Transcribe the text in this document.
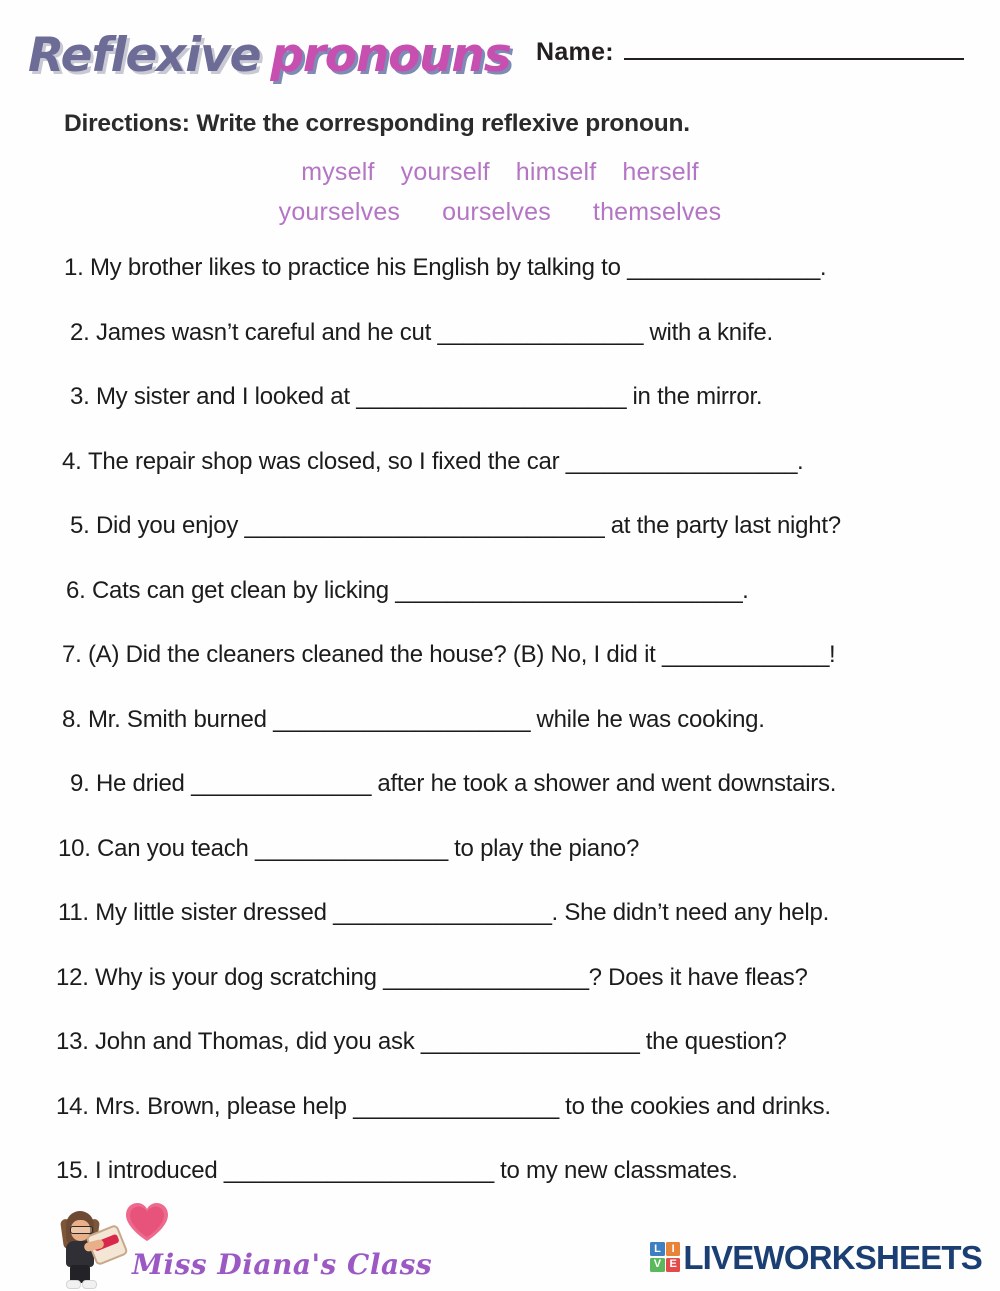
Reflexive pronouns Name:
Directions: Write the corresponding reflexive pronoun.
myself yourself himself herself
yourselves ourselves themselves
1.
My brother likes to practice his English by talking to
_______________ .
2.
James wasn’t careful and he cut
________________
with a knife.
3.
My sister and I looked at
_____________________
in the mirror.
4.
The repair shop was closed, so I fixed the car
__________________ .
5.
Did you enjoy
____________________________
at the party last night?
6.
Cats can get clean by licking
___________________________ .
7.
(A) Did the cleaners cleaned the house? (B) No, I did it
_____________ !
8.
Mr. Smith burned
____________________
while he was cooking.
9.
He dried
______________
after he took a shower and went downstairs.
10.
Can you teach
_______________
to play the piano?
11.
My little sister dressed
_________________ . She didn’t need any help.
12.
Why is your dog scratching
________________ ? Does it have fleas?
13.
John and Thomas, did you ask
_________________
the question?
14.
Mrs. Brown, please help
________________
to the cookies and drinks.
15.
I introduced
_____________________
to my new classmates.
Miss Diana's Class	L I
V E LIVEWORKSHEETS
